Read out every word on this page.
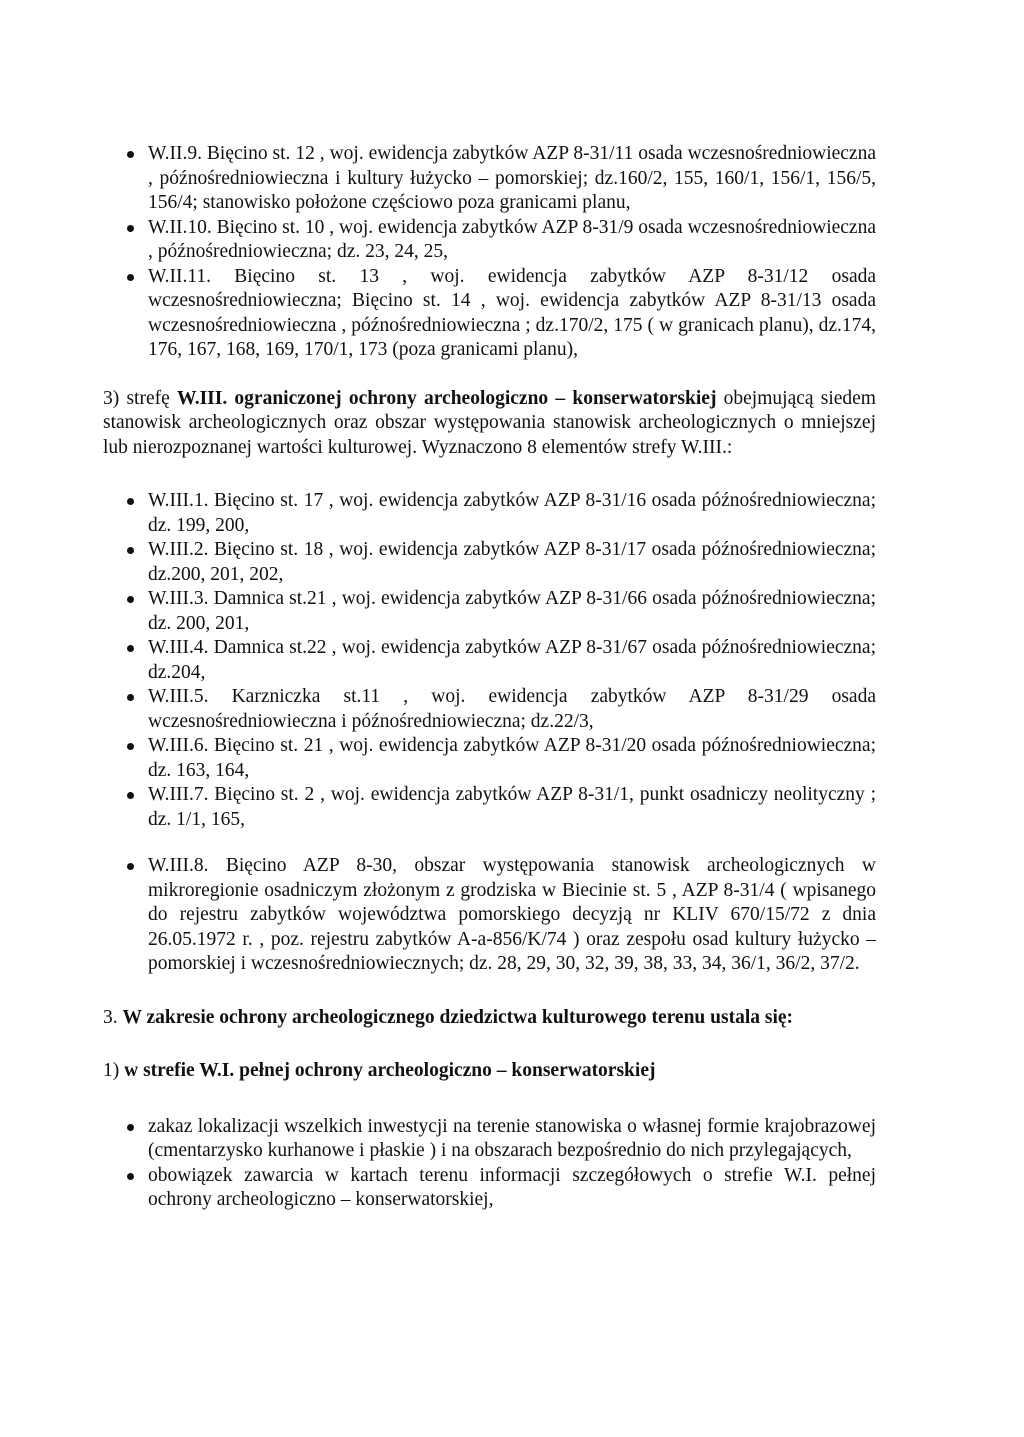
W.II.9. Bięcino st. 12 , woj. ewidencja zabytków AZP 8-31/11 osada wczesnośredniowieczna , późnośredniowieczna i kultury łużycko – pomorskiej; dz.160/2, 155, 160/1, 156/1, 156/5, 156/4; stanowisko położone częściowo poza granicami planu,
W.II.10. Bięcino st. 10 , woj. ewidencja zabytków AZP 8-31/9 osada wczesnośredniowieczna , późnośredniowieczna; dz. 23, 24, 25,
W.II.11. Bięcino st. 13 , woj. ewidencja zabytków AZP 8-31/12 osada wczesnośredniowieczna; Bięcino st. 14 , woj. ewidencja zabytków AZP 8-31/13 osada wczesnośredniowieczna , późnośredniowieczna ; dz.170/2, 175 ( w granicach planu), dz.174, 176, 167, 168, 169, 170/1, 173 (poza granicami planu),

3) strefę W.III. ograniczonej ochrony archeologiczno – konserwatorskiej obejmującą siedem stanowisk archeologicznych oraz obszar występowania stanowisk archeologicznych o mniejszej lub nierozpoznanej wartości kulturowej. Wyznaczono 8 elementów strefy W.III.:

W.III.1. Bięcino st. 17 , woj. ewidencja zabytków AZP 8-31/16 osada późnośredniowieczna; dz. 199, 200,
W.III.2. Bięcino st. 18 , woj. ewidencja zabytków AZP 8-31/17 osada późnośredniowieczna; dz.200, 201, 202,
W.III.3. Damnica st.21 , woj. ewidencja zabytków AZP 8-31/66 osada późnośredniowieczna; dz. 200, 201,
W.III.4. Damnica st.22 , woj. ewidencja zabytków AZP 8-31/67 osada późnośredniowieczna; dz.204,
W.III.5. Karzniczka st.11 , woj. ewidencja zabytków AZP 8-31/29 osada wczesnośredniowieczna i późnośredniowieczna; dz.22/3,
W.III.6. Bięcino st. 21 , woj. ewidencja zabytków AZP 8-31/20 osada późnośredniowieczna; dz. 163, 164,
W.III.7. Bięcino st. 2 , woj. ewidencja zabytków AZP 8-31/1, punkt osadniczy neolityczny ; dz. 1/1, 165,
W.III.8. Bięcino AZP 8-30, obszar występowania stanowisk archeologicznych w mikroregionie osadniczym złożonym z grodziska w Biecinie st. 5 , AZP 8-31/4 ( wpisanego do rejestru zabytków województwa pomorskiego decyzją nr KLIV 670/15/72 z dnia 26.05.1972 r. , poz. rejestru zabytków A-a-856/K/74 ) oraz zespołu osad kultury łużycko – pomorskiej i wczesnośredniowiecznych; dz. 28, 29, 30, 32, 39, 38, 33, 34, 36/1, 36/2, 37/2.

3. W zakresie ochrony archeologicznego dziedzictwa kulturowego terenu ustala się:

1) w strefie W.I. pełnej ochrony archeologiczno – konserwatorskiej

zakaz lokalizacji wszelkich inwestycji na terenie stanowiska o własnej formie krajobrazowej (cmentarzysko kurhanowe i płaskie ) i na obszarach bezpośrednio do nich przylegających,
obowiązek zawarcia w kartach terenu informacji szczegółowych o strefie W.I. pełnej ochrony archeologiczno – konserwatorskiej,
